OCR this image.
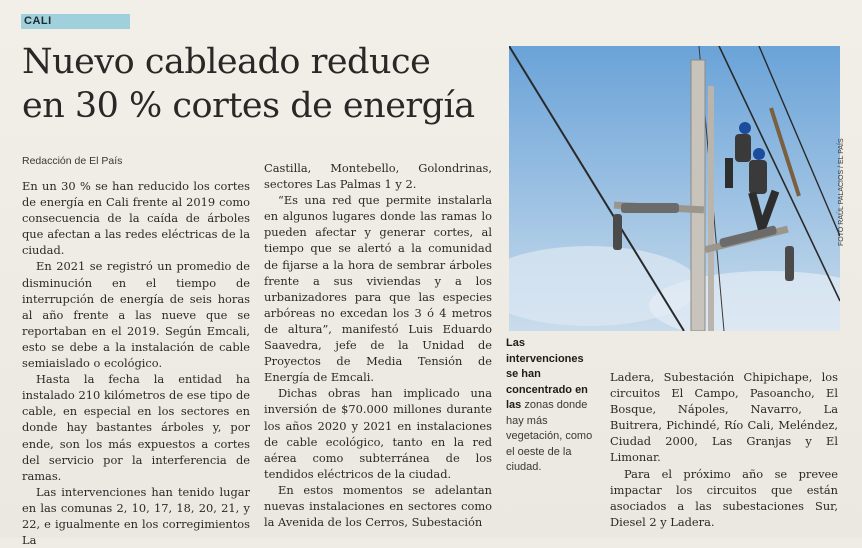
CALI
Nuevo cableado reduce
en 30 % cortes de energía
Redacción de El País

En un 30 % se han reducido los cortes de energía en Cali frente al 2019 como consecuencia de la caída de árboles que afectan a las redes eléctricas de la ciudad.

En 2021 se registró un promedio de disminución en el tiempo de interrupción de energía de seis horas al año frente a las nueve que se reportaban en el 2019. Según Emcali, esto se debe a la instalación de cable semiaislado o ecológico.

Hasta la fecha la entidad ha instalado 210 kilómetros de ese tipo de cable, en especial en los sectores en donde hay bastantes árboles y, por ende, son los más expuestos a cortes del servicio por la interferencia de ramas.

Las intervenciones han tenido lugar en las comunas 2, 10, 17, 18, 20, 21, y 22, e igualmente en los corregimientos La

Castilla, Montebello, Golondrinas, sectores Las Palmas 1 y 2.

“Es una red que permite instalarla en algunos lugares donde las ramas lo pueden afectar y generar cortes, al tiempo que se alertó a la comunidad de fijarse a la hora de sembrar árboles frente a sus viviendas y a los urbanizadores para que las especies arbóreas no excedan los 3 ó 4 metros de altura”, manifestó Luis Eduardo Saavedra, jefe de la Unidad de Proyectos de Media Tensión de Energía de Emcali.

Dichas obras han implicado una inversión de $70.000 millones durante los años 2020 y 2021 en instalaciones de cable ecológico, tanto en la red aérea como subterránea de los tendidos eléctricos de la ciudad.

En estos momentos se adelantan nuevas instalaciones en sectores como la Avenida de los Cerros, Subestación

FOTO RAÚL PALACIOS / EL PAÍS
Las intervenciones se han concentrado en las zonas donde hay más vegetación, como el oeste de la ciudad.

Ladera, Subestación Chipichape, los circuitos El Campo, Pasoancho, El Bosque, Nápoles, Navarro, La Buitrera, Pichindé, Río Cali, Meléndez, Ciudad 2000, Las Granjas y El Limonar.

Para el próximo año se prevee impactar los circuitos que están asociados a las subestaciones Sur, Diesel 2 y Ladera.
